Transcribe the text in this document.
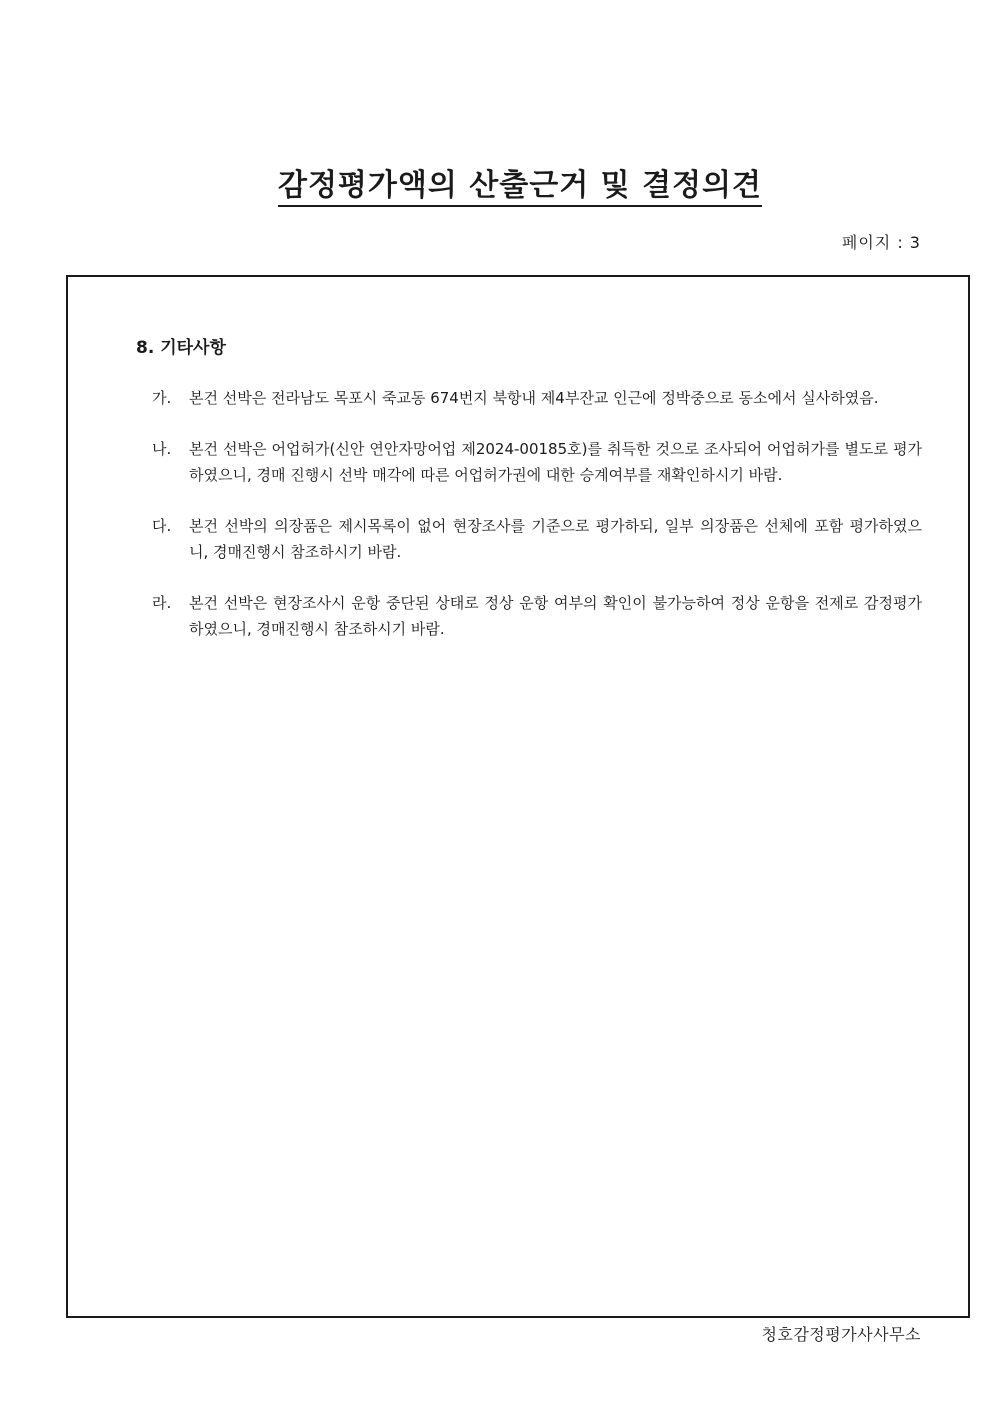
감정평가액의 산출근거 및 결정의견
페이지 : 3
8. 기타사항
가.	본건 선박은 전라남도 목포시 죽교동 674번지 북항내 제4부잔교 인근에 정박중으로 동소에서 실사하였음.
나.	본건 선박은 어업허가(신안 연안자망어업 제2024-00185호)를 취득한 것으로 조사되어 어업허가를 별도로 평가하였으니, 경매 진행시 선박 매각에 따른 어업허가권에 대한 승계여부를 재확인하시기 바람.
다.	본건 선박의 의장품은 제시목록이 없어 현장조사를 기준으로 평가하되, 일부 의장품은 선체에 포함 평가하였으니, 경매진행시 참조하시기 바람.
라.	본건 선박은 현장조사시 운항 중단된 상태로 정상 운항 여부의 확인이 불가능하여 정상 운항을 전제로 감정평가하였으니, 경매진행시 참조하시기 바람.
청호감정평가사사무소
